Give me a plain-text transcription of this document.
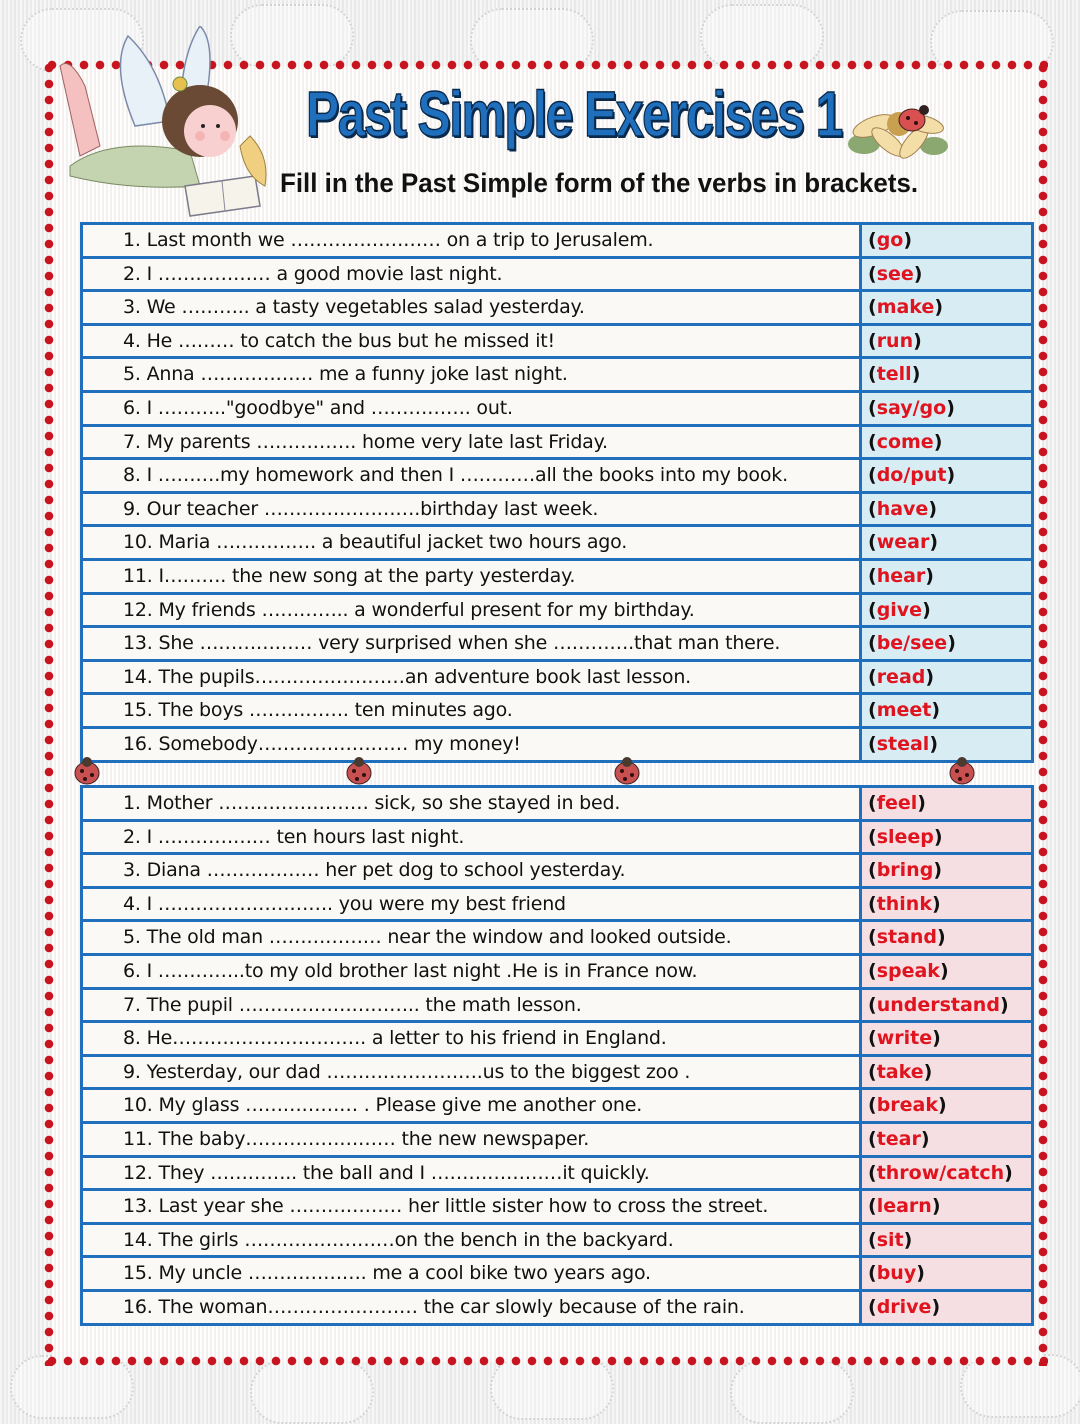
Past Simple Exercises 1
Fill in the Past Simple form of the verbs in brackets.
1. Last month we …………………… on a trip to Jerusalem.	(go)
2. I ……………… a good movie last night.	(see)
3. We ……….. a tasty vegetables salad yesterday.	(make)
4. He ……… to catch the bus but he missed it!	(run)
5. Anna ……………… me a funny joke last night.	(tell)
6. I ……….."goodbye" and ……………. out.	(say/go)
7. My parents ……………. home very late last Friday.	(come)
8. I ……….my homework and then I …………all the books into my book.	(do/put)
9. Our teacher …………………….birthday last week.	(have)
10. Maria ……………. a beautiful jacket two hours ago.	(wear)
11. I………. the new song at the party yesterday.	(hear)
12. My friends ………….. a wonderful present for my birthday.	(give)
13. She ……………… very surprised when she ………….that man there.	(be/see)
14. The pupils……………………an adventure book last lesson.	(read)
15. The boys ……………. ten minutes ago.	(meet)
16. Somebody…………………… my money!	(steal)
1. Mother …………………… sick, so she stayed in bed.	(feel)
2. I ……………… ten hours last night.	(sleep)
3. Diana ……………… her pet dog to school yesterday.	(bring)
4. I ………………………. you were my best friend	(think)
5. The old man ……………… near the window and looked outside.	(stand)
6. I …………..to my old brother last night .He is in France now.	(speak)
7. The pupil ……………………….. the math lesson.	(understand)
8. He…………………………. a letter to his friend in England.	(write)
9. Yesterday, our dad …………………….us to the biggest zoo .	(take)
10. My glass ……………… . Please give me another one.	(break)
11. The baby…………………… the new newspaper.	(tear)
12. They ………….. the ball and I …………………it quickly.	(throw/catch)
13. Last year she ……………… her little sister how to cross the street.	(learn)
14. The girls ……………………on the bench in the backyard.	(sit)
15. My uncle ………………. me a cool bike two years ago.	(buy)
16. The woman…………………… the car slowly because of the rain.	(drive)
